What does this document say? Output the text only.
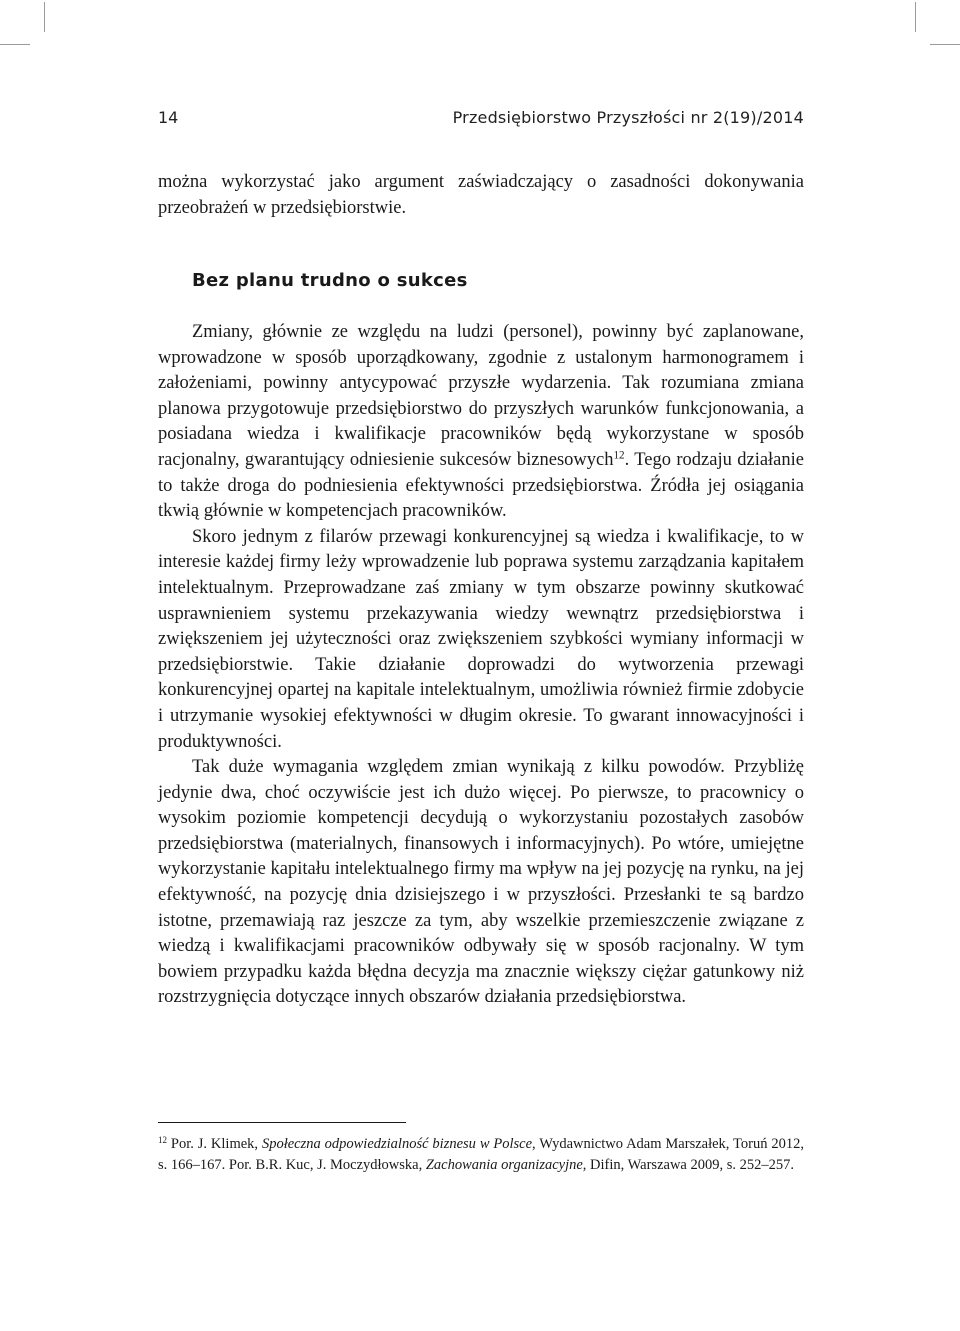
14	Przedsiębiorstwo Przyszłości nr 2(19)/2014

można wykorzystać jako argument zaświadczający o zasadności dokonywania przeobrażeń w przedsiębiorstwie.

Bez planu trudno o sukces

Zmiany, głównie ze względu na ludzi (personel), powinny być zaplanowane, wprowadzone w sposób uporządkowany, zgodnie z ustalonym harmonogramem i założeniami, powinny antycypować przyszłe wydarzenia. Tak rozumiana zmiana planowa przygotowuje przedsiębiorstwo do przyszłych warunków funkcjonowania, a posiadana wiedza i kwalifikacje pracowników będą wykorzystane w sposób racjonalny, gwarantujący odniesienie sukcesów biznesowych$^{12}$. Tego rodzaju działanie to także droga do podniesienia efektywności przedsiębiorstwa. Źródła jej osiągania tkwią głównie w kompetencjach pracowników.

Skoro jednym z filarów przewagi konkurencyjnej są wiedza i kwalifikacje, to w interesie każdej firmy leży wprowadzenie lub poprawa systemu zarządzania kapitałem intelektualnym. Przeprowadzane zaś zmiany w tym obszarze powinny skutkować usprawnieniem systemu przekazywania wiedzy wewnątrz przedsiębiorstwa i zwiększeniem jej użyteczności oraz zwiększeniem szybkości wymiany informacji w przedsiębiorstwie. Takie działanie doprowadzi do wytworzenia przewagi konkurencyjnej opartej na kapitale intelektualnym, umożliwia również firmie zdobycie i utrzymanie wysokiej efektywności w długim okresie. To gwarant innowacyjności i produktywności.

Tak duże wymagania względem zmian wynikają z kilku powodów. Przybliżę jedynie dwa, choć oczywiście jest ich dużo więcej. Po pierwsze, to pracownicy o wysokim poziomie kompetencji decydują o wykorzystaniu pozostałych zasobów przedsiębiorstwa (materialnych, finansowych i informacyjnych). Po wtóre, umiejętne wykorzystanie kapitału intelektualnego firmy ma wpływ na jej pozycję na rynku, na jej efektywność, na pozycję dnia dzisiejszego i w przyszłości. Przesłanki te są bardzo istotne, przemawiają raz jeszcze za tym, aby wszelkie przemieszczenie związane z wiedzą i kwalifikacjami pracowników odbywały się w sposób racjonalny. W tym bowiem przypadku każda błędna decyzja ma znacznie większy ciężar gatunkowy niż rozstrzygnięcia dotyczące innych obszarów działania przedsiębiorstwa.

$^{12}$ Por. J. Klimek, Społeczna odpowiedzialność biznesu w Polsce, Wydawnictwo Adam Marszałek, Toruń 2012, s. 166–167. Por. B.R. Kuc, J. Moczydłowska, Zachowania organizacyjne, Difin, Warszawa 2009, s. 252–257.
